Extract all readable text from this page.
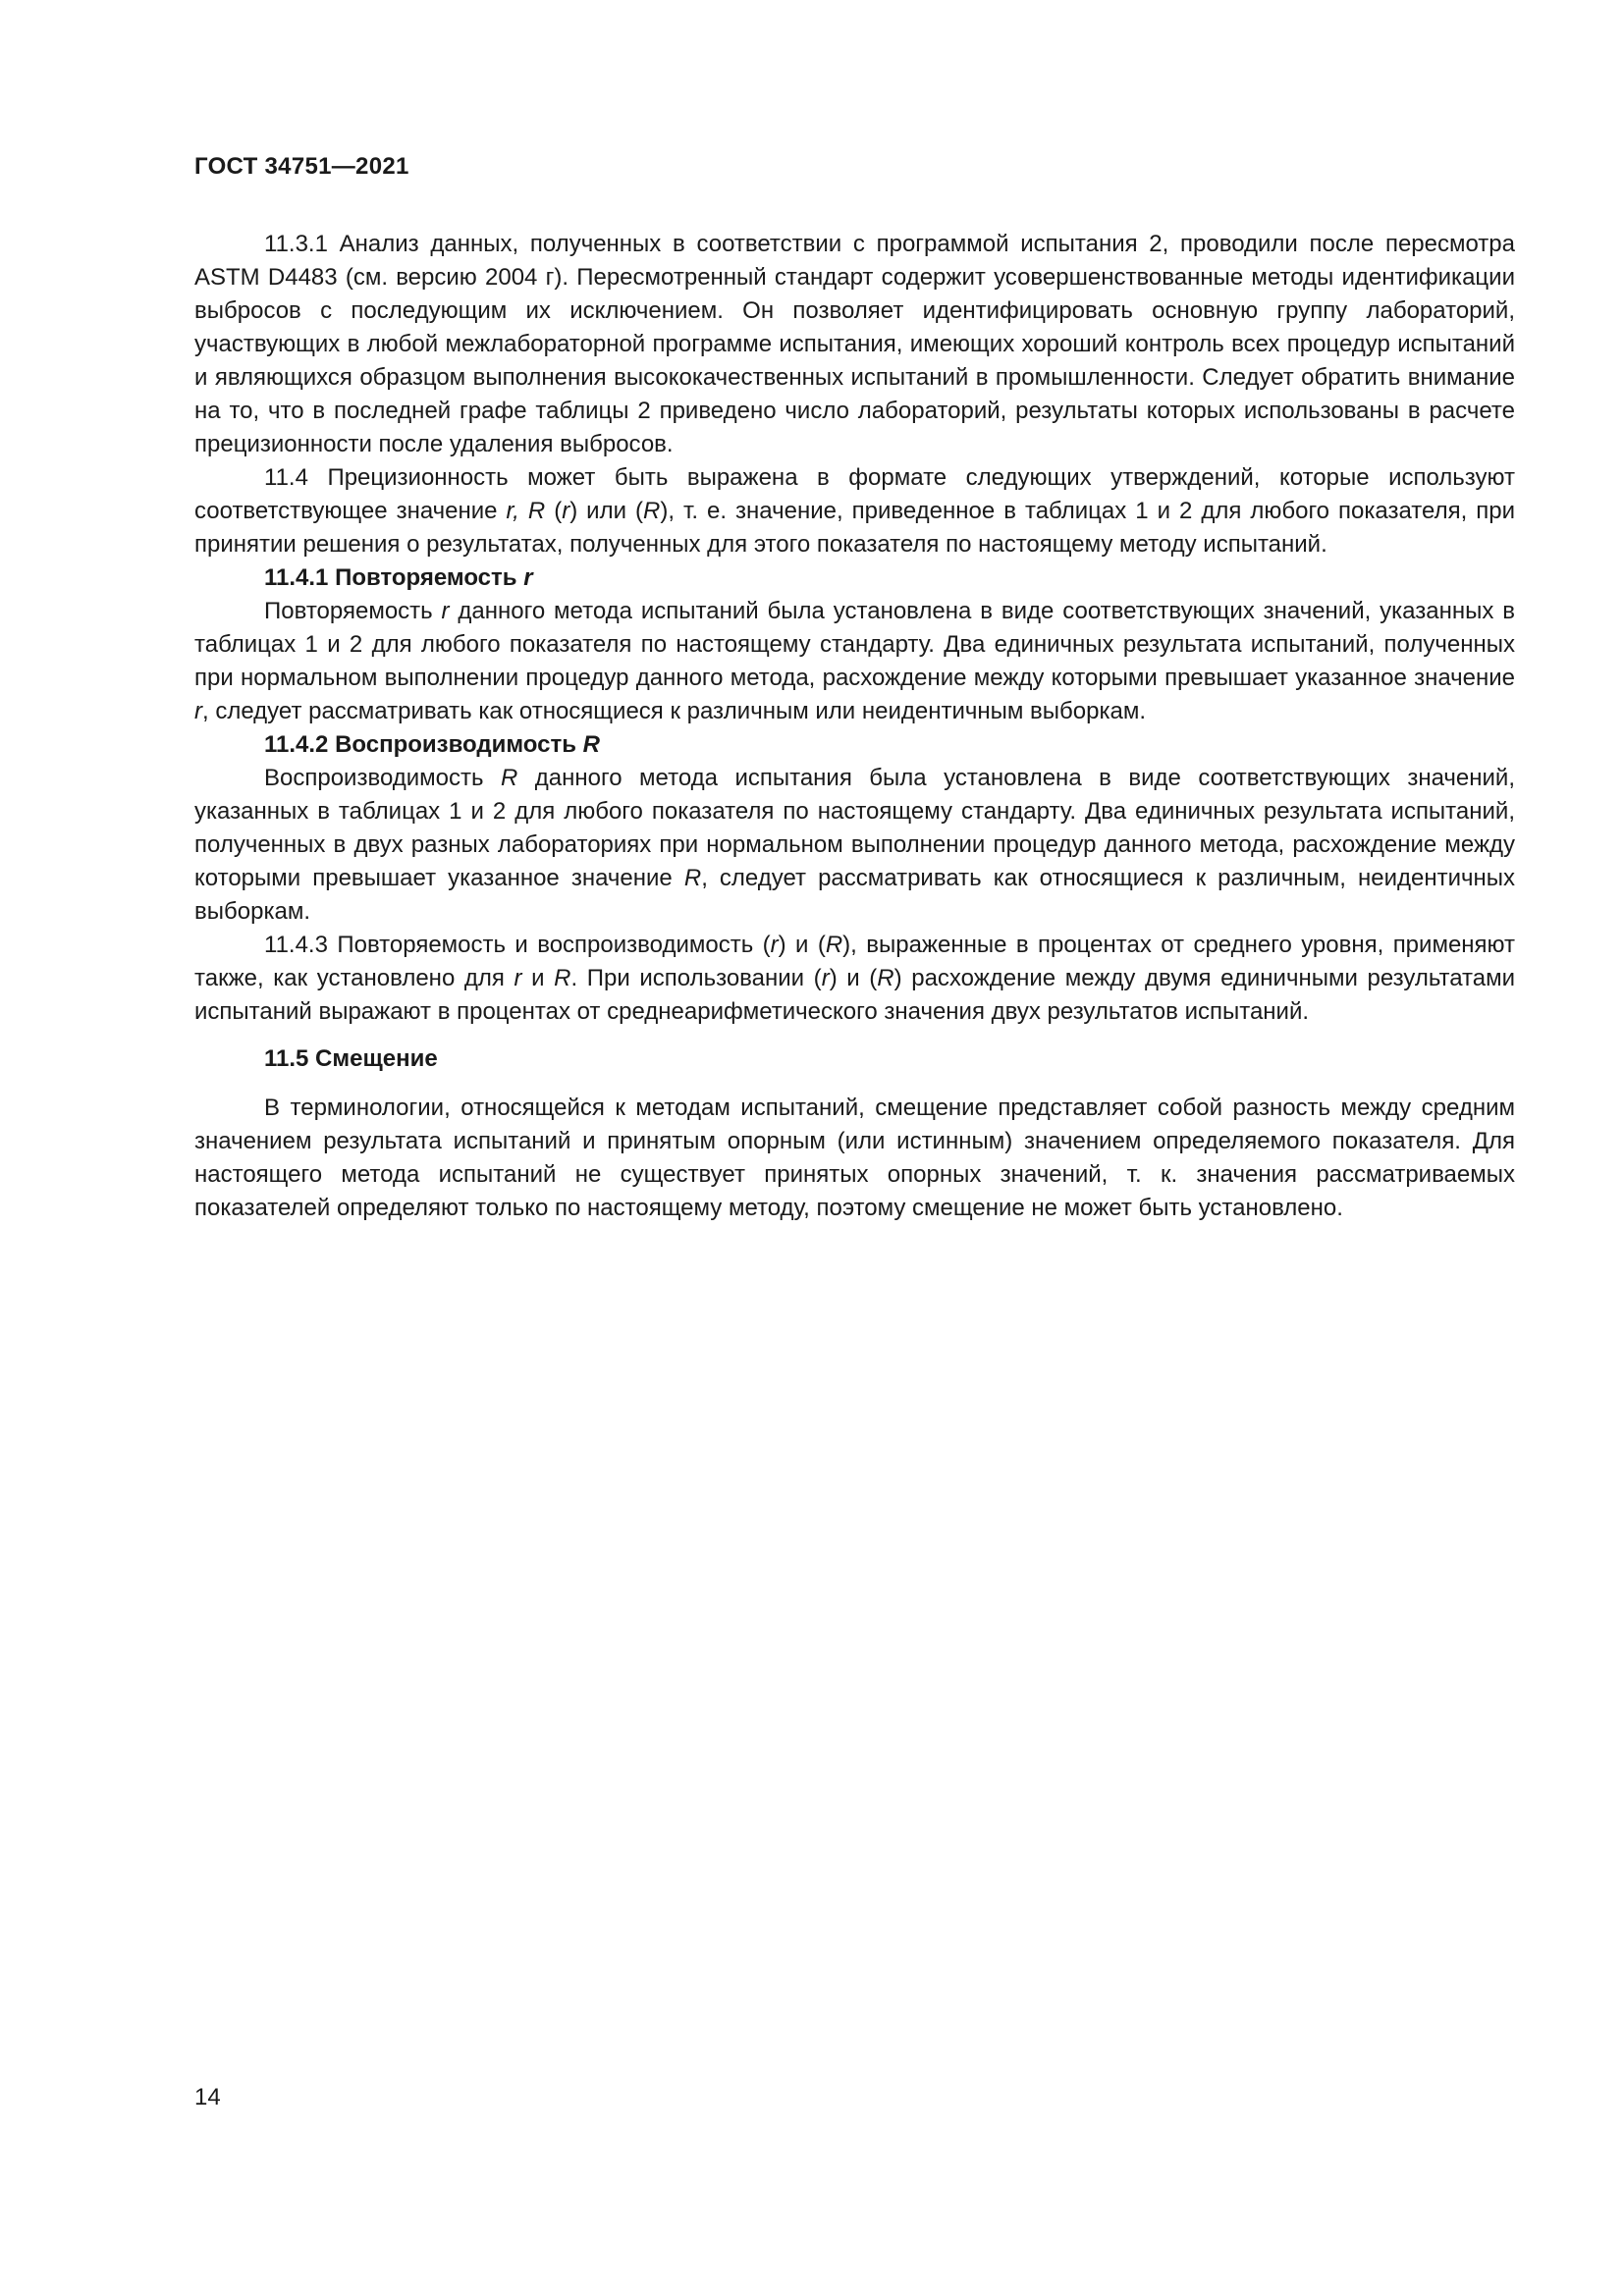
ГОСТ 34751—2021

11.3.1 Анализ данных, полученных в соответствии с программой испытания 2, проводили после пересмотра ASTM D4483 (см. версию 2004 г). Пересмотренный стандарт содержит усовершенствованные методы идентификации выбросов с последующим их исключением. Он позволяет идентифицировать основную группу лабораторий, участвующих в любой межлабораторной программе испытания, имеющих хороший контроль всех процедур испытаний и являющихся образцом выполнения высококачественных испытаний в промышленности. Следует обратить внимание на то, что в последней графе таблицы 2 приведено число лабораторий, результаты которых использованы в расчете прецизионности после удаления выбросов.

11.4 Прецизионность может быть выражена в формате следующих утверждений, которые используют соответствующее значение r, R (r) или (R), т. е. значение, приведенное в таблицах 1 и 2 для любого показателя, при принятии решения о результатах, полученных для этого показателя по настоящему методу испытаний.

11.4.1 Повторяемость r

Повторяемость r данного метода испытаний была установлена в виде соответствующих значений, указанных в таблицах 1 и 2 для любого показателя по настоящему стандарту. Два единичных результата испытаний, полученных при нормальном выполнении процедур данного метода, расхождение между которыми превышает указанное значение r, следует рассматривать как относящиеся к различным или неидентичным выборкам.

11.4.2 Воспроизводимость R

Воспроизводимость R данного метода испытания была установлена в виде соответствующих значений, указанных в таблицах 1 и 2 для любого показателя по настоящему стандарту. Два единичных результата испытаний, полученных в двух разных лабораториях при нормальном выполнении процедур данного метода, расхождение между которыми превышает указанное значение R, следует рассматривать как относящиеся к различным, неидентичных выборкам.

11.4.3 Повторяемость и воспроизводимость (r) и (R), выраженные в процентах от среднего уровня, применяют также, как установлено для r и R. При использовании (r) и (R) расхождение между двумя единичными результатами испытаний выражают в процентах от среднеарифметического значения двух результатов испытаний.

11.5 Смещение

В терминологии, относящейся к методам испытаний, смещение представляет собой разность между средним значением результата испытаний и принятым опорным (или истинным) значением определяемого показателя. Для настоящего метода испытаний не существует принятых опорных значений, т. к. значения рассматриваемых показателей определяют только по настоящему методу, поэтому смещение не может быть установлено.

14
